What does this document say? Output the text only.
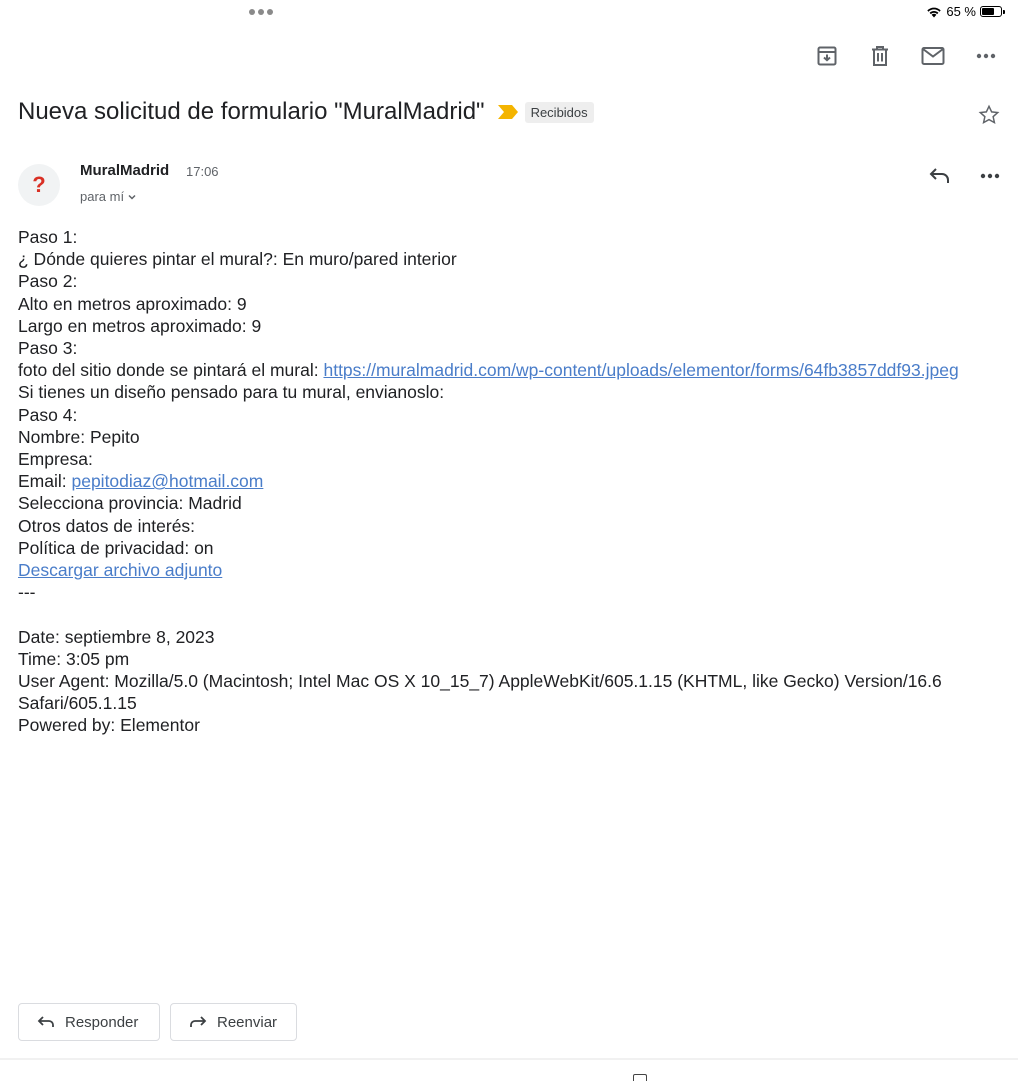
65 %
Nueva solicitud de formulario "MuralMadrid"	Recibidos
?
MuralMadrid 17:06
para mí
Paso 1:
¿ Dónde quieres pintar el mural?: En muro/pared interior
Paso 2:
Alto en metros aproximado: 9
Largo en metros aproximado: 9
Paso 3:
foto del sitio donde se pintará el mural: https://muralmadrid.com/wp-content/uploads/elementor/forms/64fb3857ddf93.jpeg
Si tienes un diseño pensado para tu mural, envianoslo:
Paso 4:
Nombre: Pepito
Empresa:
Email: pepitodiaz@hotmail.com
Selecciona provincia: Madrid
Otros datos de interés:
Política de privacidad: on
Descargar archivo adjunto
---
Date: septiembre 8, 2023
Time: 3:05 pm
User Agent: Mozilla/5.0 (Macintosh; Intel Mac OS X 10_15_7) AppleWebKit/605.1.15 (KHTML, like Gecko) Version/16.6 Safari/605.1.15
Powered by: Elementor
Responder	Reenviar
